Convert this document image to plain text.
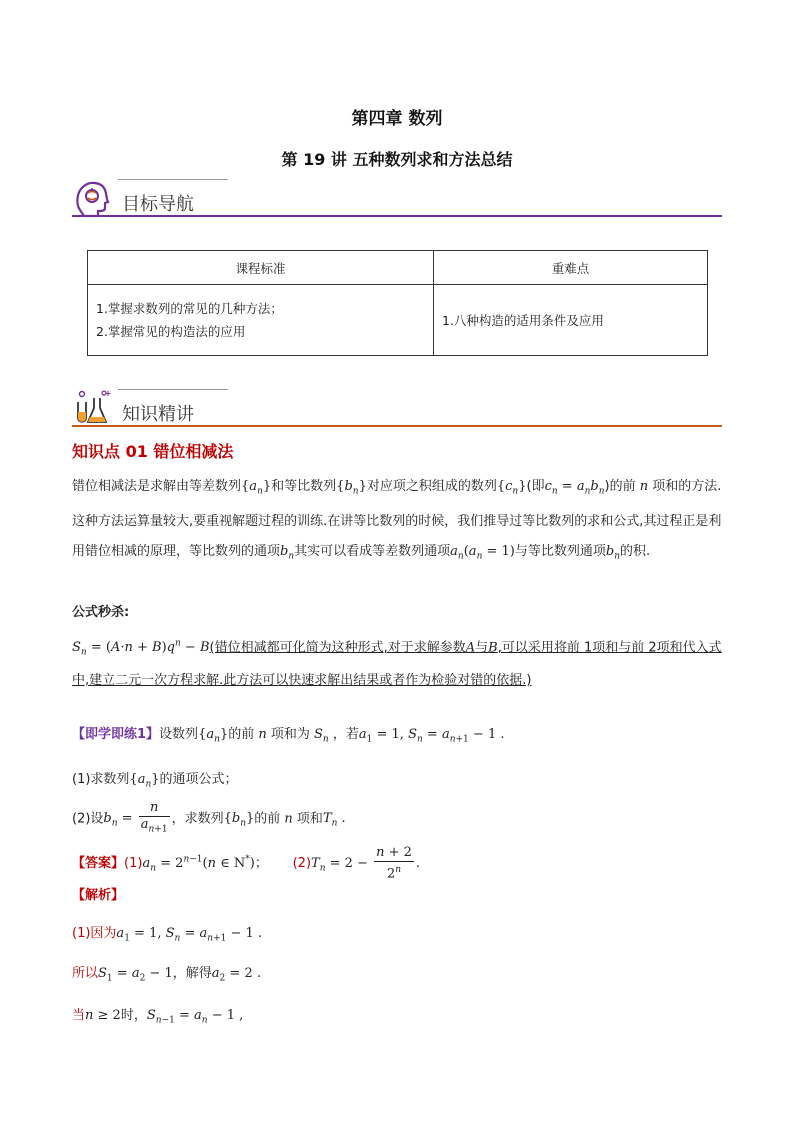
第四章 数列
第 19 讲 五种数列求和方法总结
目标导航
课程标准	重难点

1.掌握求数列的常见的几种方法；
2.掌握常见的构造法的应用	1.八种构造的适用条件及应用
知识精讲
知识点 01 错位相减法
错位相减法是求解由等差数列$\{a_n\}$和等比数列$\{b_n\}$对应项之积组成的数列$\{c_n\}$(即$c_n = a_nb_n$)的前 n 项和的方法.这种方法运算量较大,要重视解题过程的训练.在讲等比数列的时候，我们推导过等比数列的求和公式,其过程正是利用错位相减的原理，等比数列的通项$b_n$其实可以看成等差数列通项$a_n(a_n = 1)$与等比数列通项$b_n$的积.
公式秒杀:
$S_n = (A\cdot n + B)q^n - B$(错位相减都可化简为这种形式,对于求解参数A与B,可以采用将前 1项和与前 2项和代入式中,建立二元一次方程求解.此方法可以快速求解出结果或者作为检验对错的依据.)
【即学即练1】设数列$\{a_n\}$的前 n 项和为 $S_n$ ，若$a_1 = 1$, $S_n = a_{n+1} - 1$ .
(1)求数列$\{a_n\}$的通项公式；
(2)设$b_n = \frac{n}{a_{n+1}}$ ，求数列$\{b_n\}$的前 n 项和$T_n$ .
【答案】$(1)a_n = 2^{n-1}(n$ ∈ N*)；      $(2)T_n = 2 - \frac{n + 2}{2^n}$ .
【解析】
(1)因为$a_1 = 1$, $S_n = a_{n+1} - 1$ .
所以$S_1 = a_2 - 1$，解得$a_2 = 2$ .
当n ≥ 2时，$S_{n-1} = a_n - 1$ ,
